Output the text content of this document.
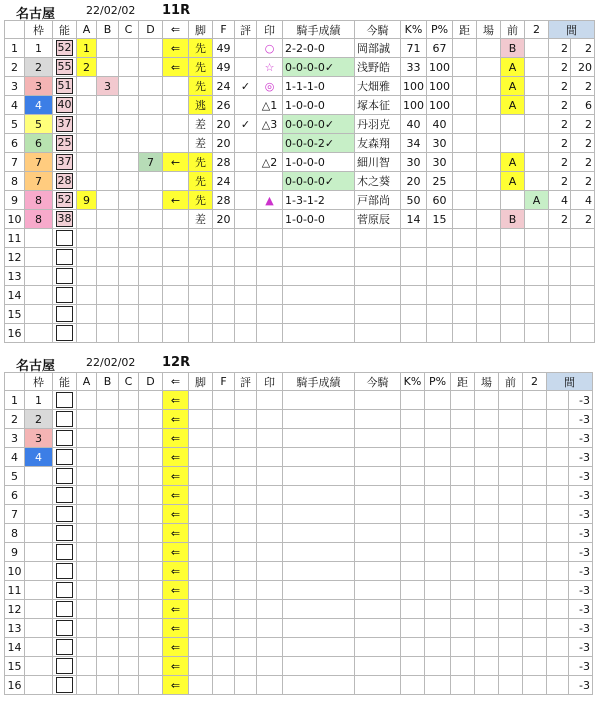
名古屋	22/02/02 11R
	枠	能	A	B	C	D	⇐	脚	F	評	印	騎手成績	今騎	K%	P%	距	場	前	2	間	
1	1	52	1				⇐	先	49		○	2-2-0-0	岡部誠	71	67			B		2	2
2	2	55	2				⇐	先	49		☆	0-0-0-0✓	浅野皓	33	100			A		2	20
3	3	51		3				先	24	✓	◎	1-1-1-0	大畑雅	100	100			A		2	2
4	4	40						逃	26		△1	1-0-0-0	塚本征	100	100			A		2	6
5	5	37						差	20	✓	△3	0-0-0-0✓	丹羽克	40	40					2	2
6	6	25						差	20			0-0-0-2✓	友森翔	34	30					2	2
7	7	37				7	←	先	28		△2	1-0-0-0	細川智	30	30			A		2	2
8	7	28						先	24			0-0-0-0✓	木之葵	20	25			A		2	2
9	8	52	9				←	先	28		▲	1-3-1-2	戸部尚	50	60				A	4	4
10	8	38						差	20			1-0-0-0	菅原辰	14	15			B		2	2
11		

12		

13		

14		

15		

16		

名古屋	22/02/02 12R
	枠	能	A	B	C	D	⇐	脚	F	評	印	騎手成績	今騎	K%	P%	距	場	前	2	間	
1	1						⇐														-3
2	2						⇐														-3
3	3						⇐														-3
4	4						⇐														-3
5							⇐														-3
6							⇐														-3
7							⇐														-3
8							⇐														-3
9							⇐														-3
10							⇐														-3
11							⇐														-3
12							⇐														-3
13							⇐														-3
14							⇐														-3
15							⇐														-3
16							⇐														-3
